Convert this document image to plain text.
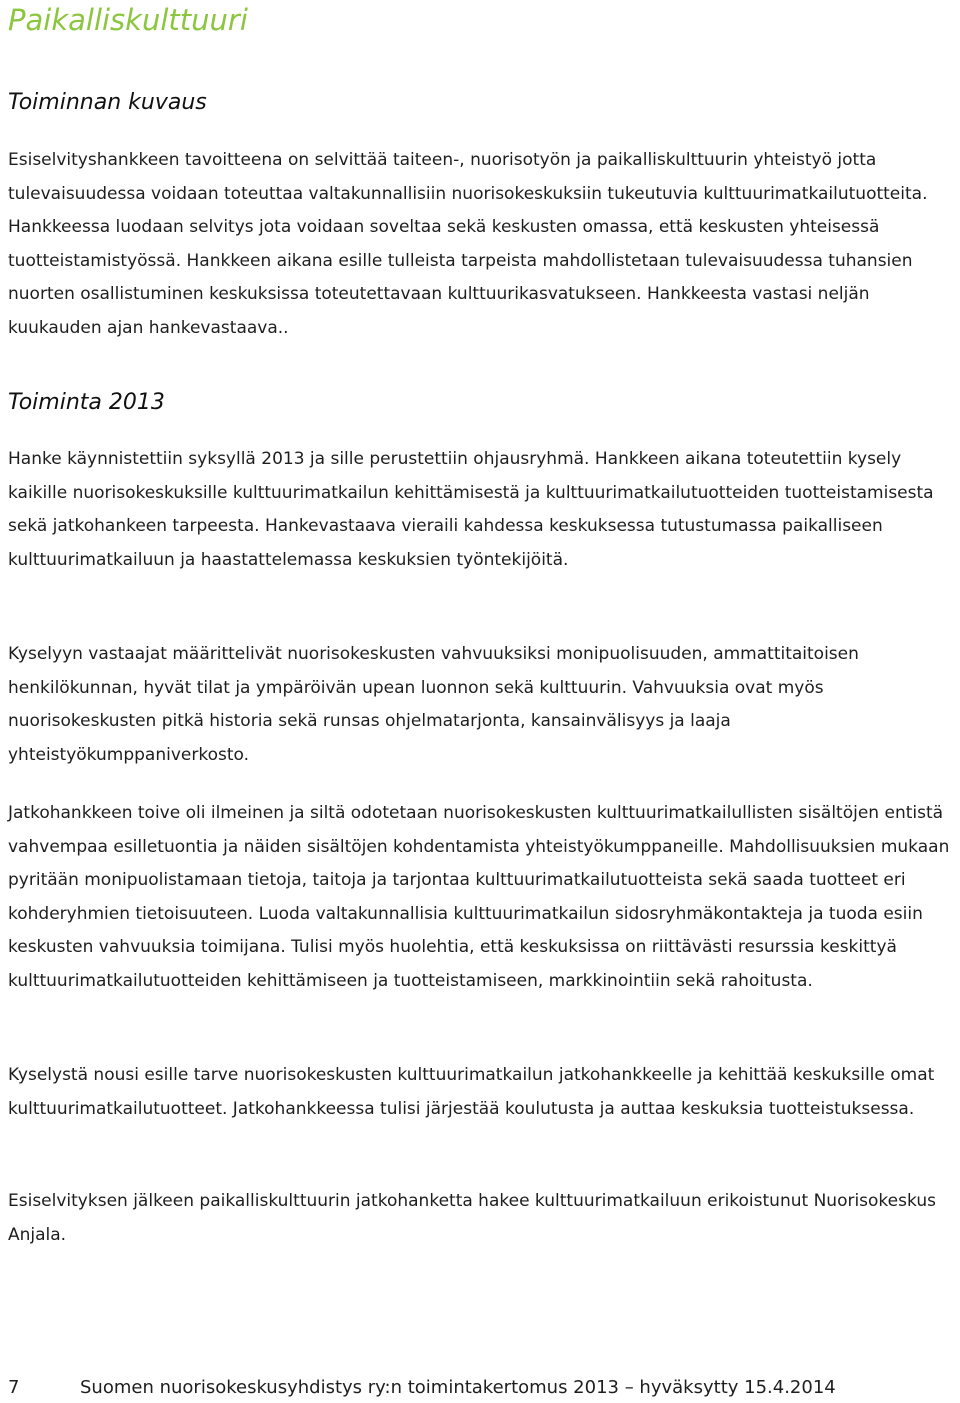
Paikalliskulttuuri
Toiminnan kuvaus

Esiselvityshankkeen tavoitteena on selvittää taiteen-, nuorisotyön ja paikalliskulttuurin yhteistyö jotta tulevaisuudessa voidaan toteuttaa valtakunnallisiin nuorisokeskuksiin tukeutuvia kulttuurimatkailutuotteita. Hankkeessa luodaan selvitys jota voidaan soveltaa sekä keskusten omassa, että keskusten yhteisessä tuotteistamistyössä. Hankkeen aikana esille tulleista tarpeista mahdollistetaan tulevaisuudessa tuhansien nuorten osallistuminen keskuksissa toteutettavaan kulttuurikasvatukseen. Hankkeesta vastasi neljän kuukauden ajan hankevastaava..

Toiminta 2013

Hanke käynnistettiin syksyllä 2013 ja sille perustettiin ohjausryhmä. Hankkeen aikana toteutettiin kysely kaikille nuorisokeskuksille kulttuurimatkailun kehittämisestä ja kulttuurimatkailutuotteiden tuotteistamisesta sekä jatkohankeen tarpeesta. Hankevastaava vieraili kahdessa keskuksessa tutustumassa paikalliseen kulttuurimatkailuun ja haastattelemassa keskuksien työntekijöitä.

Kyselyyn vastaajat määrittelivät nuorisokeskusten vahvuuksiksi monipuolisuuden, ammattitaitoisen henkilökunnan, hyvät tilat ja ympäröivän upean luonnon sekä kulttuurin. Vahvuuksia ovat myös nuorisokeskusten pitkä historia sekä runsas ohjelmatarjonta, kansainvälisyys ja laaja yhteistyökumppaniverkosto.

Jatkohankkeen toive oli ilmeinen ja siltä odotetaan nuorisokeskusten kulttuurimatkailullisten sisältöjen entistä vahvempaa esilletuontia ja näiden sisältöjen kohdentamista yhteistyökumppaneille. Mahdollisuuksien mukaan pyritään monipuolistamaan tietoja, taitoja ja tarjontaa kulttuurimatkailutuotteista sekä saada tuotteet eri kohderyhmien tietoisuuteen. Luoda valtakunnallisia kulttuurimatkailun sidosryhmäkontakteja ja tuoda esiin keskusten vahvuuksia toimijana. Tulisi myös huolehtia, että keskuksissa on riittävästi resurssia keskittyä kulttuurimatkailutuotteiden kehittämiseen ja tuotteistamiseen, markkinointiin sekä rahoitusta.

Kyselystä nousi esille tarve nuorisokeskusten kulttuurimatkailun jatkohankkeelle ja kehittää keskuksille omat kulttuurimatkailutuotteet. Jatkohankkeessa tulisi järjestää koulutusta ja auttaa keskuksia tuotteistuksessa.

Esiselvityksen jälkeen paikalliskulttuurin jatkohanketta hakee kulttuurimatkailuun erikoistunut Nuorisokeskus Anjala.

7	Suomen nuorisokeskusyhdistys ry:n toimintakertomus 2013 – hyväksytty 15.4.2014
